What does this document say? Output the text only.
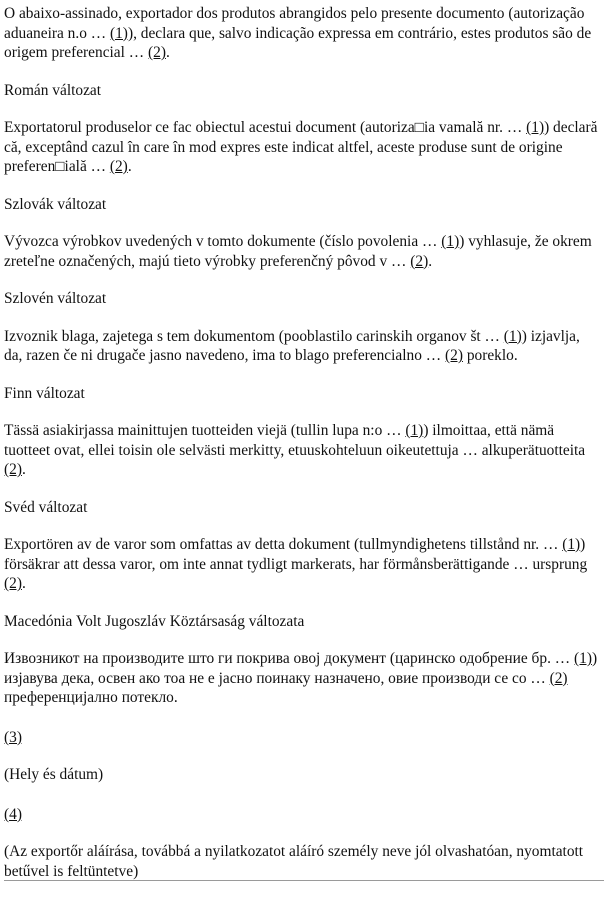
O abaixo-assinado, exportador dos produtos abrangidos pelo presente documento (autorização aduaneira n.o … (1)), declara que, salvo indicação expressa em contrário, estes produtos são de origem preferencial … (2).

Román változat

Exportatorul produselor ce fac obiectul acestui document (autoriza□ia vamală nr. … (1)) declară că, exceptând cazul în care în mod expres este indicat altfel, aceste produse sunt de origine preferen□ială … (2).

Szlovák változat

Vývozca výrobkov uvedených v tomto dokumente (číslo povolenia … (1)) vyhlasuje, že okrem zreteľne označených, majú tieto výrobky preferenčný pôvod v … (2).

Szlovén változat

Izvoznik blaga, zajetega s tem dokumentom (pooblastilo carinskih organov št … (1)) izjavlja, da, razen če ni drugače jasno navedeno, ima to blago preferencialno … (2) poreklo.

Finn változat

Tässä asiakirjassa mainittujen tuotteiden viejä (tullin lupa n:o … (1)) ilmoittaa, että nämä tuotteet ovat, ellei toisin ole selvästi merkitty, etuuskohteluun oikeutettuja … alkuperätuotteita (2).

Svéd változat

Exportören av de varor som omfattas av detta dokument (tullmyndighetens tillstånd nr. … (1)) försäkrar att dessa varor, om inte annat tydligt markerats, har förmånsberättigande … ursprung (2).

Macedónia Volt Jugoszláv Köztársaság változata

Извозникот на производите што ги покрива овој документ (царинско одобрение бр. … (1)) изјавува дека, освен ако тоа не е јасно поинаку назначено, овие производи се со … (2) преференцијално потекло.

(3)

(Hely és dátum)

(4)

(Az exportőr aláírása, továbbá a nyilatkozatot aláíró személy neve jól olvashatóan, nyomtatott betűvel is feltüntetve)
